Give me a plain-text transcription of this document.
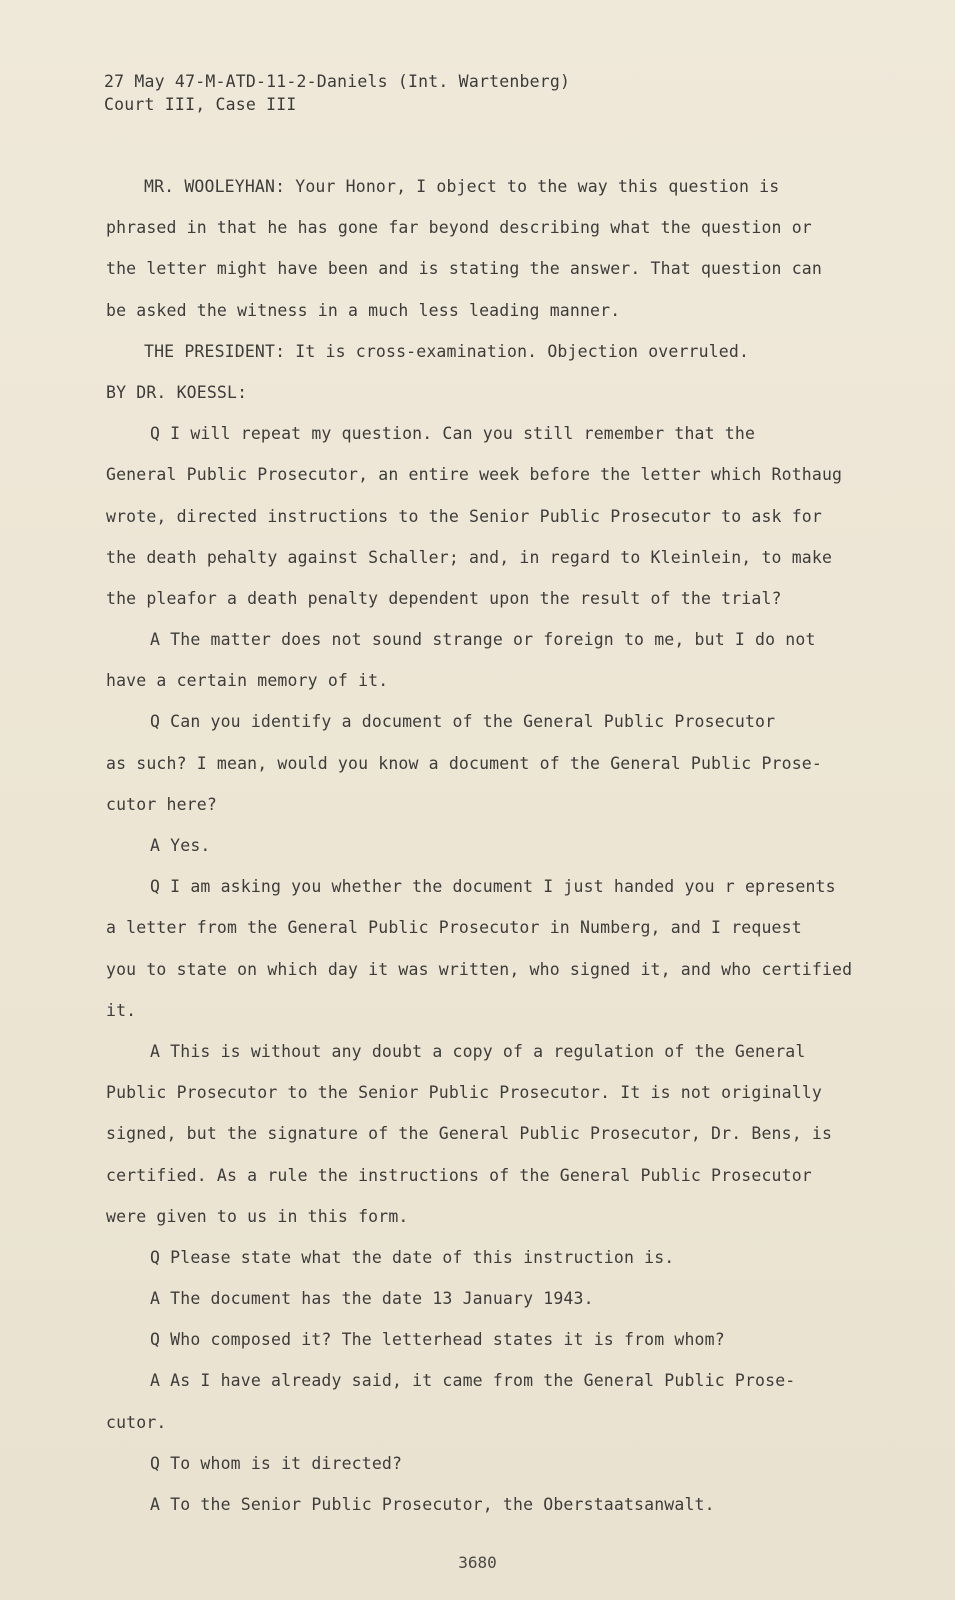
27 May 47-M-ATD-11-2-Daniels (Int. Wartenberg)
Court III, Case III
MR. WOOLEYHAN: Your Honor, I object to the way this question is
phrased in that he has gone far beyond describing what the question or
the letter might have been and is stating the answer. That question can
be asked the witness in a much less leading manner.
THE PRESIDENT: It is cross-examination. Objection overruled.
BY DR. KOESSL:
Q I will repeat my question. Can you still remember that the
General Public Prosecutor, an entire week before the letter which Rothaug
wrote, directed instructions to the Senior Public Prosecutor to ask for
the death pehalty against Schaller; and, in regard to Kleinlein, to make
the pleafor a death penalty dependent upon the result of the trial?
A The matter does not sound strange or foreign to me, but I do not
have a certain memory of it.
Q Can you identify a document of the General Public Prosecutor
as such? I mean, would you know a document of the General Public Prose-
cutor here?
A Yes.
Q I am asking you whether the document I just handed you r epresents
a letter from the General Public Prosecutor in Numberg, and I request
you to state on which day it was written, who signed it, and who certified
it.
A This is without any doubt a copy of a regulation of the General
Public Prosecutor to the Senior Public Prosecutor. It is not originally
signed, but the signature of the General Public Prosecutor, Dr. Bens, is
certified. As a rule the instructions of the General Public Prosecutor
were given to us in this form.
Q Please state what the date of this instruction is.
A The document has the date 13 January 1943.
Q Who composed it? The letterhead states it is from whom?
A As I have already said, it came from the General Public Prose-
cutor.
Q To whom is it directed?
A To the Senior Public Prosecutor, the Oberstaatsanwalt.
3680
